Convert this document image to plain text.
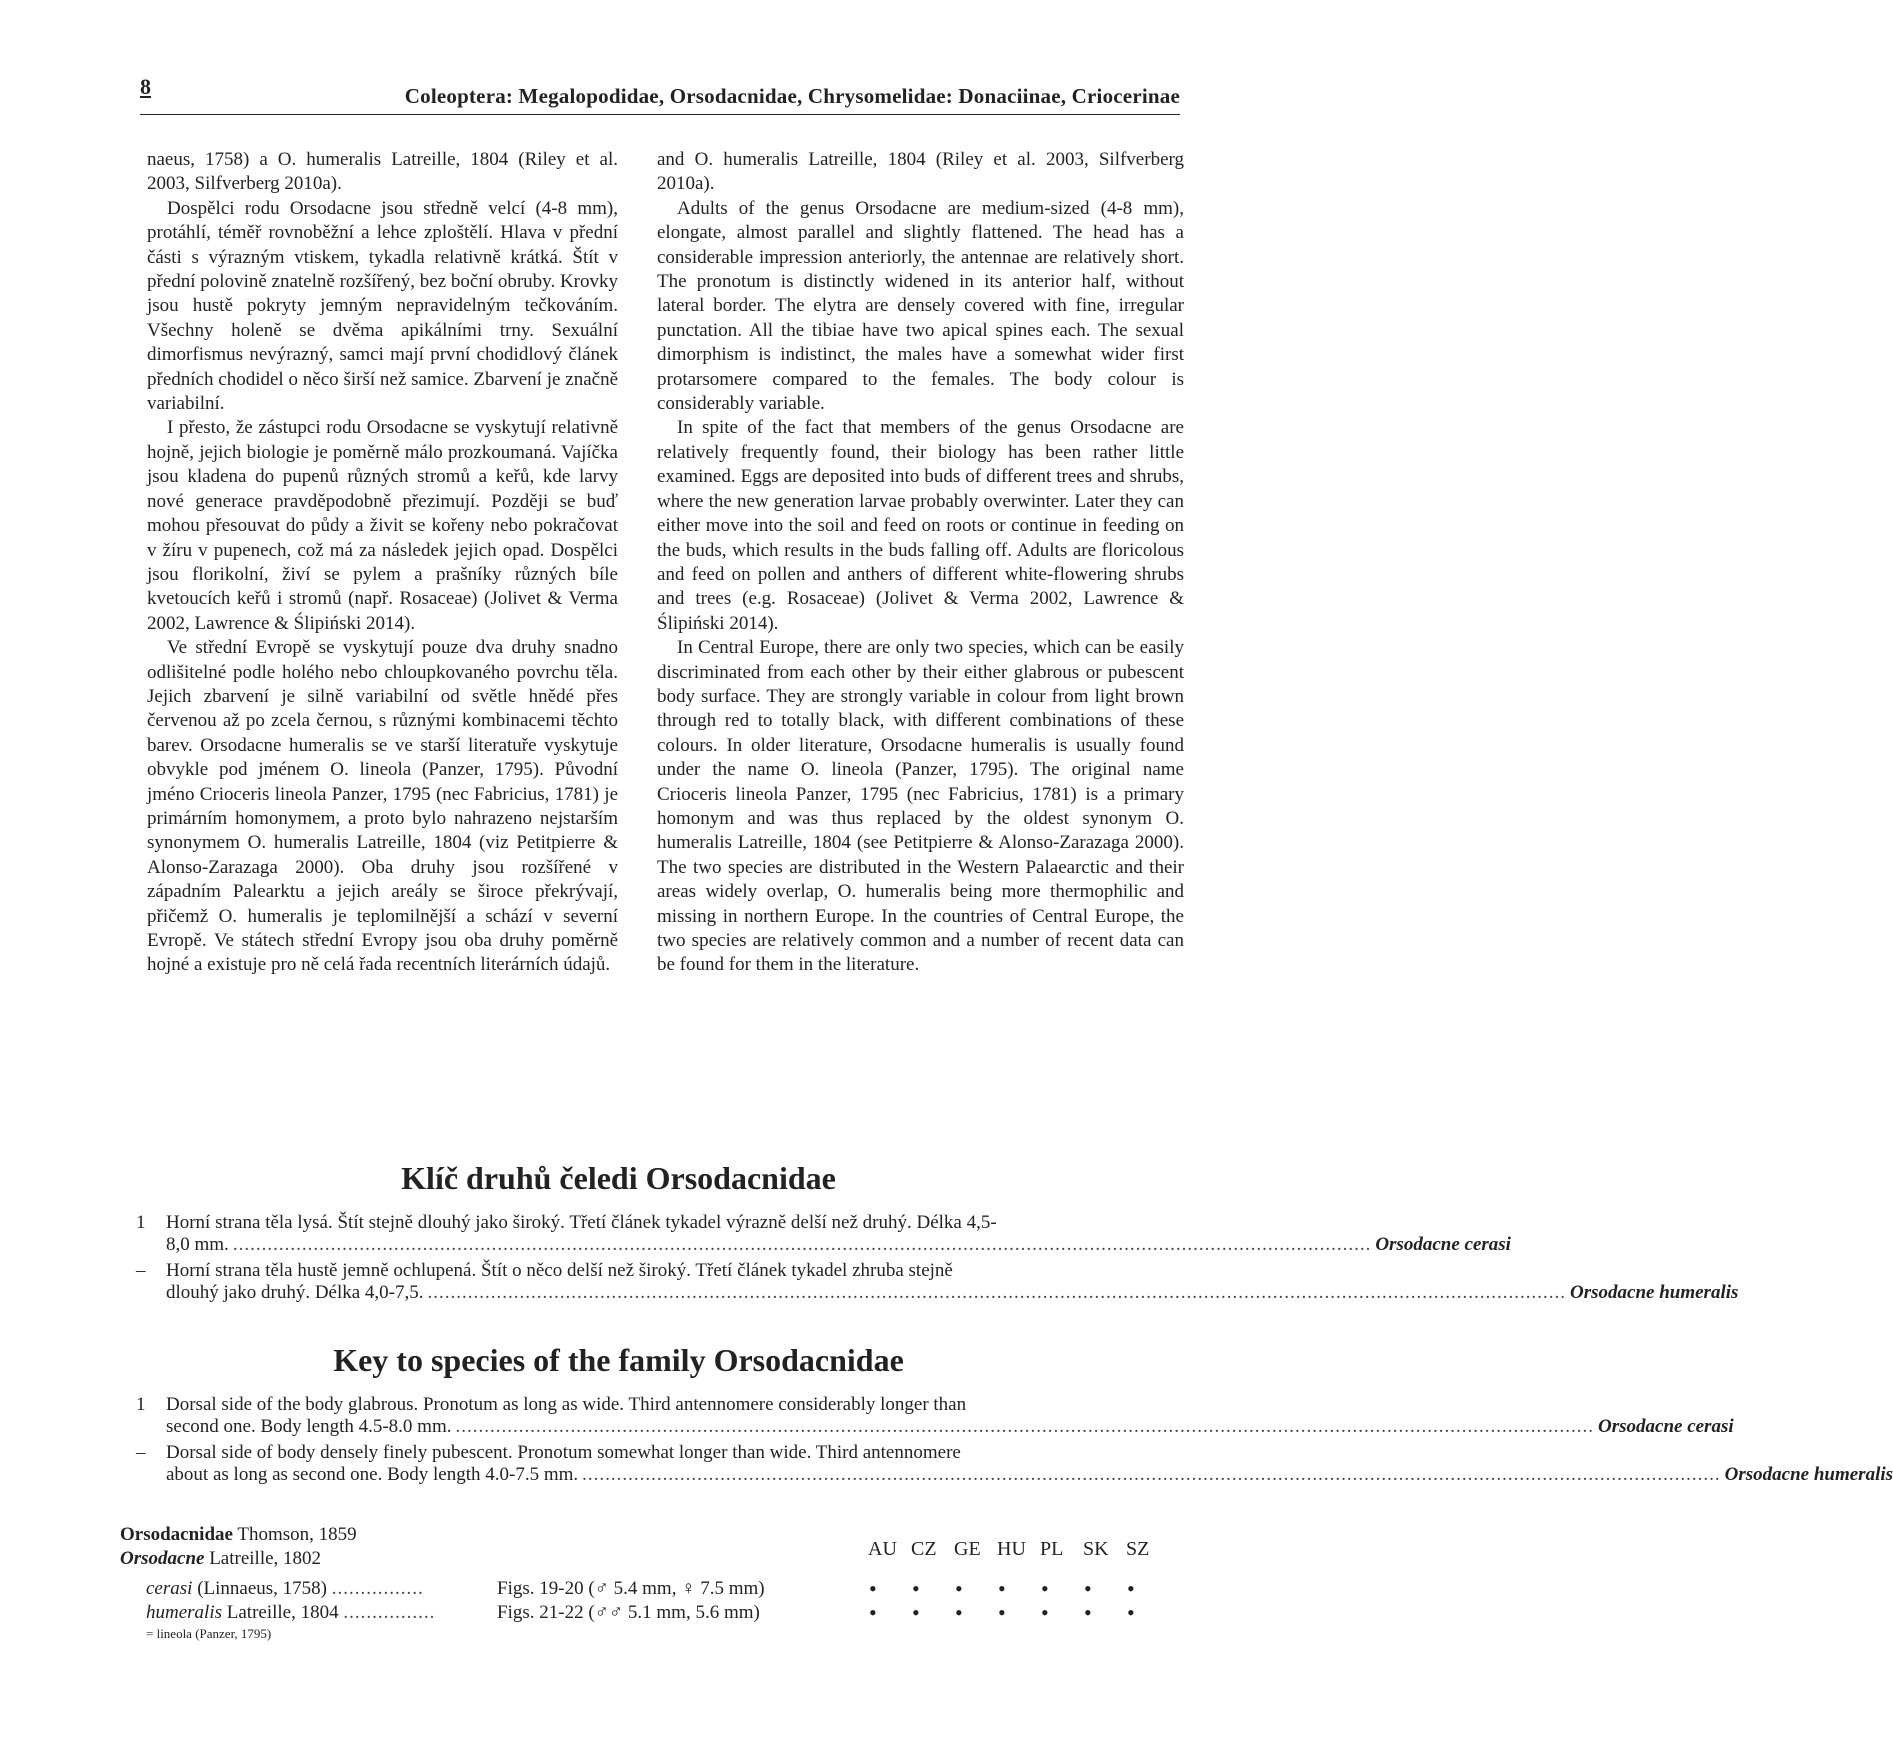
8	Coleoptera: Megalopodidae, Orsodacnidae, Chrysomelidae: Donaciinae, Criocerinae

naeus, 1758) a O. humeralis Latreille, 1804 (Riley et al. 2003, Silfverberg 2010a).

Dospělci rodu Orsodacne jsou středně velcí (4-8 mm), protáhlí, téměř rovnoběžní a lehce zploštělí. Hlava v přední části s výrazným vtiskem, tykadla relativně krátká. Štít v přední polovině znatelně rozšířený, bez boční obruby. Krovky jsou hustě pokryty jemným nepravidelným tečkováním. Všechny holeně se dvěma apikálními trny. Sexuální dimorfismus nevýrazný, samci mají první chodidlový článek předních chodidel o něco širší než samice. Zbarvení je značně variabilní.

I přesto, že zástupci rodu Orsodacne se vyskytují relativně hojně, jejich biologie je poměrně málo prozkoumaná. Vajíčka jsou kladena do pupenů různých stromů a keřů, kde larvy nové generace pravděpodobně přezimují. Později se buď mohou přesouvat do půdy a živit se kořeny nebo pokračovat v žíru v pupenech, což má za následek jejich opad. Dospělci jsou florikolní, živí se pylem a prašníky různých bíle kvetoucích keřů i stromů (např. Rosaceae) (Jolivet & Verma 2002, Lawrence & Ślipiński 2014).

Ve střední Evropě se vyskytují pouze dva druhy snadno odlišitelné podle holého nebo chloupkovaného povrchu těla. Jejich zbarvení je silně variabilní od světle hnědé přes červenou až po zcela černou, s různými kombinacemi těchto barev. Orsodacne humeralis se ve starší literatuře vyskytuje obvykle pod jménem O. lineola (Panzer, 1795). Původní jméno Crioceris lineola Panzer, 1795 (nec Fabricius, 1781) je primárním homonymem, a proto bylo nahrazeno nejstarším synonymem O. humeralis Latreille, 1804 (viz Petitpierre & Alonso-Zarazaga 2000). Oba druhy jsou rozšířené v západním Palearktu a jejich areály se široce překrývají, přičemž O. humeralis je teplomilnější a schází v severní Evropě. Ve státech střední Evropy jsou oba druhy poměrně hojné a existuje pro ně celá řada recentních literárních údajů.

and O. humeralis Latreille, 1804 (Riley et al. 2003, Silfverberg 2010a).

Adults of the genus Orsodacne are medium-sized (4-8 mm), elongate, almost parallel and slightly flattened. The head has a considerable impression anteriorly, the antennae are relatively short. The pronotum is distinctly widened in its anterior half, without lateral border. The elytra are densely covered with fine, irregular punctation. All the tibiae have two apical spines each. The sexual dimorphism is indistinct, the males have a somewhat wider first protarsomere compared to the females. The body colour is considerably variable.

In spite of the fact that members of the genus Orsodacne are relatively frequently found, their biology has been rather little examined. Eggs are deposited into buds of different trees and shrubs, where the new generation larvae probably overwinter. Later they can either move into the soil and feed on roots or continue in feeding on the buds, which results in the buds falling off. Adults are floricolous and feed on pollen and anthers of different white-flowering shrubs and trees (e.g. Rosaceae) (Jolivet & Verma 2002, Lawrence & Ślipiński 2014).

In Central Europe, there are only two species, which can be easily discriminated from each other by their either glabrous or pubescent body surface. They are strongly variable in colour from light brown through red to totally black, with different combinations of these colours. In older literature, Orsodacne humeralis is usually found under the name O. lineola (Panzer, 1795). The original name Crioceris lineola Panzer, 1795 (nec Fabricius, 1781) is a primary homonym and was thus replaced by the oldest synonym O. humeralis Latreille, 1804 (see Petitpierre & Alonso-Zarazaga 2000). The two species are distributed in the Western Palaearctic and their areas widely overlap, O. humeralis being more thermophilic and missing in northern Europe. In the countries of Central Europe, the two species are relatively common and a number of recent data can be found for them in the literature.

Klíč druhů čeledi Orsodacnidae
1 Horní strana těla lysá. Štít stejně dlouhý jako široký. Třetí článek tykadel výrazně delší než druhý. Délka 4,5-
8,0 mm. ...................................................................................................................................................................................................... Orsodacne cerasi
– Horní strana těla hustě jemně ochlupená. Štít o něco delší než široký. Třetí článek tykadel zhruba stejně
dlouhý jako druhý. Délka 4,0-7,5. ...................................................................................................................................................................................................... Orsodacne humeralis
Key to species of the family Orsodacnidae
1 Dorsal side of the body glabrous. Pronotum as long as wide. Third antennomere considerably longer than
second one. Body length 4.5-8.0 mm. ...................................................................................................................................................................................................... Orsodacne cerasi
– Dorsal side of body densely finely pubescent. Pronotum somewhat longer than wide. Third antennomere
about as long as second one. Body length 4.0-7.5 mm. ...................................................................................................................................................................................................... Orsodacne humeralis
Orsodacnidae Thomson, 1859
AU CZ GE HU PL SK SZ
Orsodacne Latreille, 1802
cerasi (Linnaeus, 1758) ................	Figs. 19-20 (♂ 5.4 mm, ♀ 7.5 mm)	• • • • • • •
humeralis Latreille, 1804 ................	Figs. 21-22 (♂♂ 5.1 mm, 5.6 mm)	• • • • • • •
= lineola (Panzer, 1795)
